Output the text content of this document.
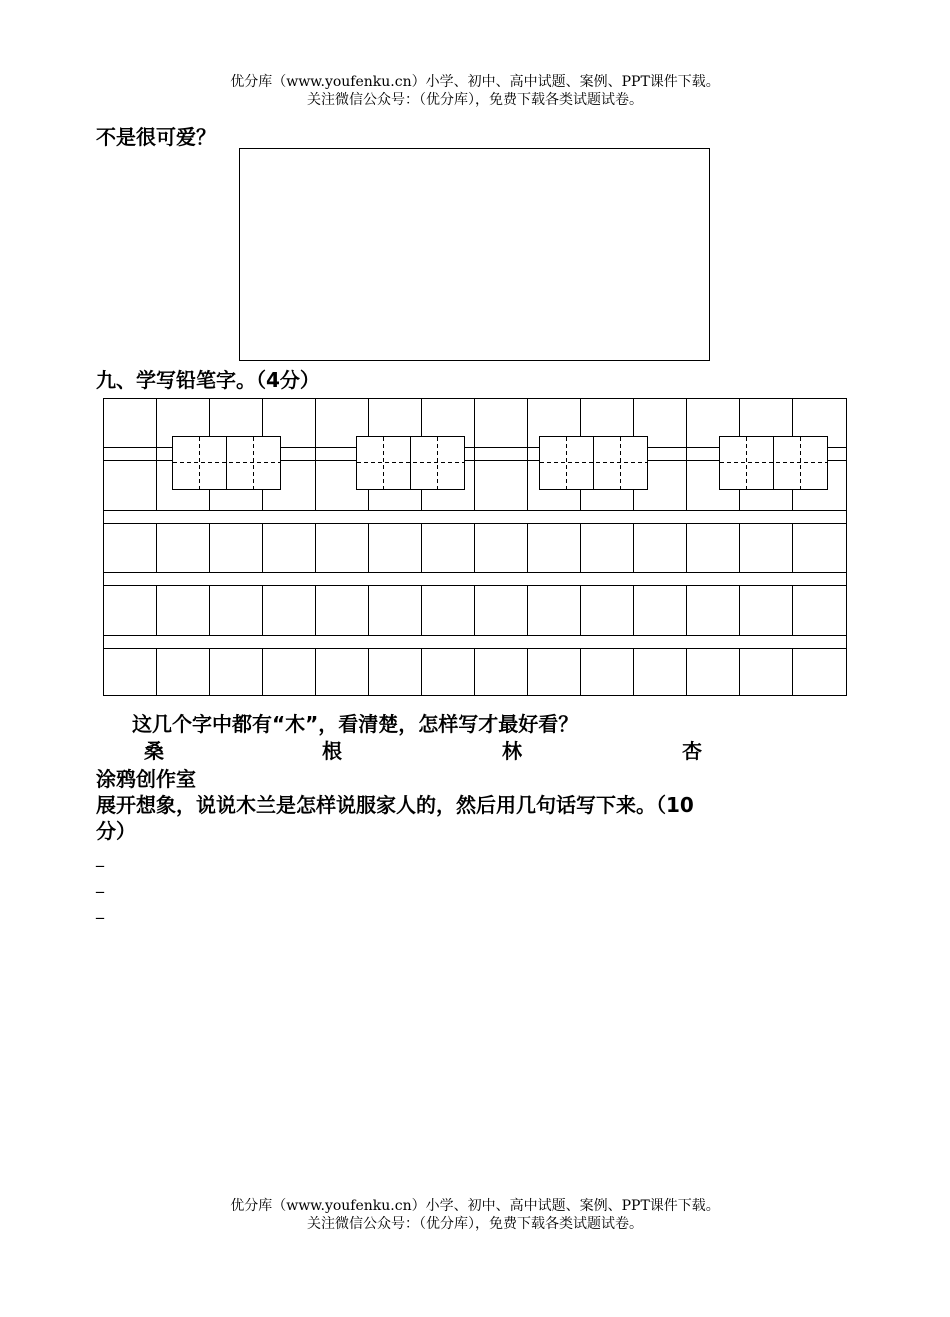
优分库（www.youfenku.cn）小学、初中、高中试题、案例、PPT课件下载。
关注微信公众号：（优分库），免费下载各类试题试卷。
不是很可爱？
九、学写铅笔字。（4分）
这几个字中都有“木”，看清楚，怎样写才最好看？
桑	根	林	杏
涂鸦创作室
展开想象，说说木兰是怎样说服家人的，然后用几句话写下来。（10
分）
_
_
_
优分库（www.youfenku.cn）小学、初中、高中试题、案例、PPT课件下载。
关注微信公众号：（优分库），免费下载各类试题试卷。
